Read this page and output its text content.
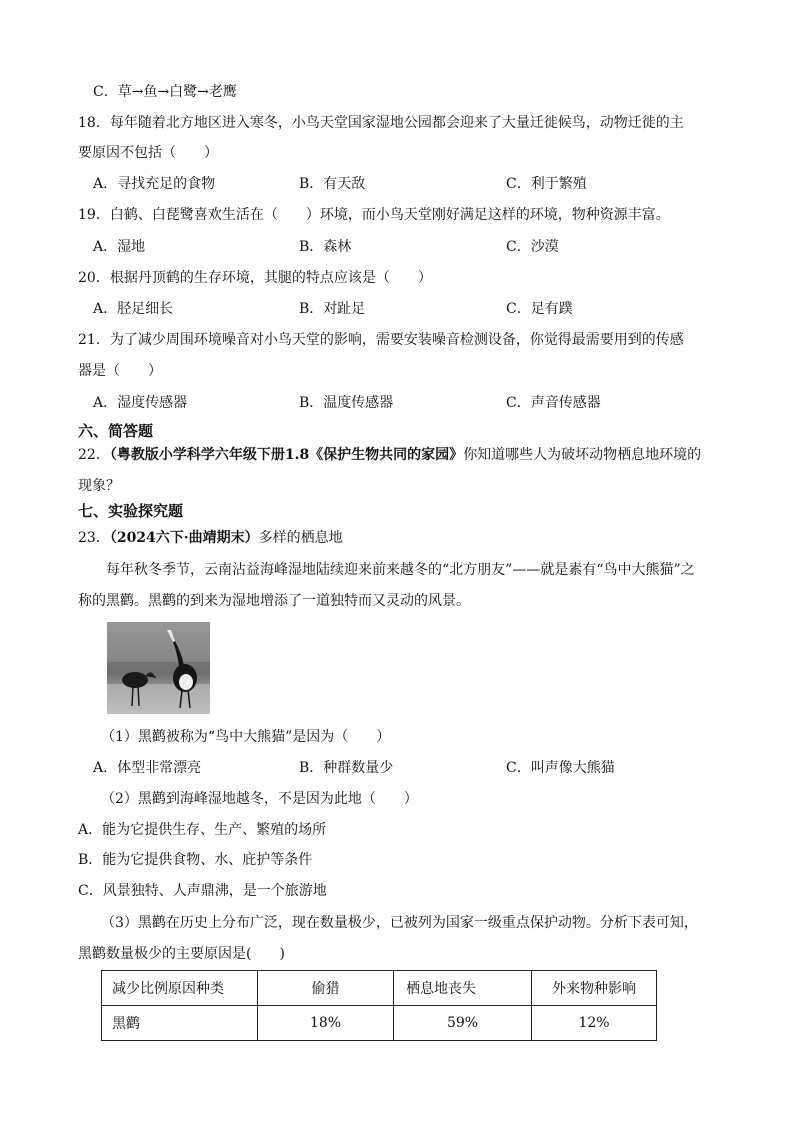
C．草→鱼→白鹭→老鹰
18．每年随着北方地区进入寒冬，小鸟天堂国家湿地公园都会迎来了大量迁徙候鸟，动物迁徙的主
要原因不包括（　　）
A．寻找充足的食物	B．有天敌	C．利于繁殖
19．白鹤、白琵鹭喜欢生活在（　　）环境，而小鸟天堂刚好满足这样的环境，物种资源丰富。
A．湿地	B．森林	C．沙漠
20．根据丹顶鹤的生存环境，其腿的特点应该是（　　）
A．胫足细长	B．对趾足	C．足有蹼
21．为了减少周围环境噪音对小鸟天堂的影响，需要安装噪音检测设备，你觉得最需要用到的传感
器是（　　）
A．湿度传感器	B．温度传感器	C．声音传感器
六、简答题
22．（粤教版小学科学六年级下册1.8《保护生物共同的家园》你知道哪些人为破坏动物栖息地环境的
现象？
七、实验探究题
23．（2024六下·曲靖期末）多样的栖息地
每年秋冬季节，云南沾益海峰湿地陆续迎来前来越冬的“北方朋友”——就是素有“鸟中大熊猫”之
称的黑鹳。黑鹳的到来为湿地增添了一道独特而又灵动的风景。
（1）黑鹳被称为“鸟中大熊猫”是因为（　　）
A．体型非常漂亮	B．种群数量少	C．叫声像大熊猫
（2）黑鹳到海峰湿地越冬，不是因为此地（　　）
A．能为它提供生存、生产、繁殖的场所
B．能为它提供食物、水、庇护等条件
C．风景独特、人声鼎沸，是一个旅游地
（3）黑鹳在历史上分布广泛，现在数量极少，已被列为国家一级重点保护动物。分析下表可知，
黑鹳数量极少的主要原因是(　　)
减少比例原因种类	偷猎	栖息地丧失	外来物种影响
黑鹳	18%	59%	12%
